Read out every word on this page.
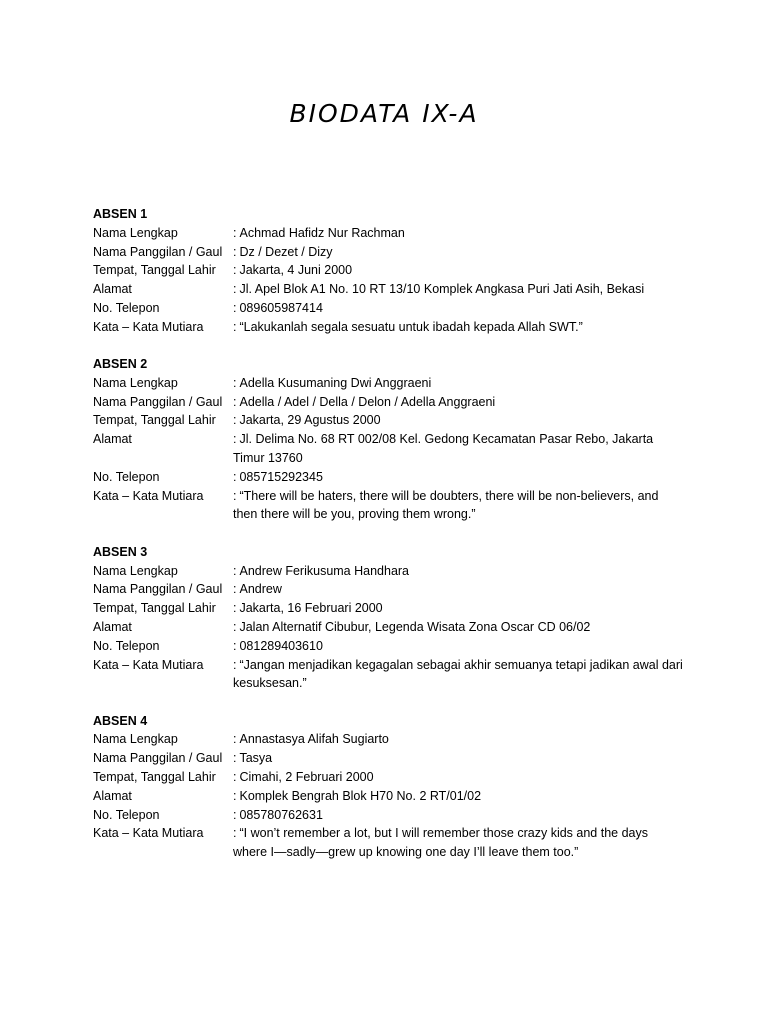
BIODATA IX-A
ABSEN 1
Nama Lengkap	: Achmad Hafidz Nur Rachman
Nama Panggilan / Gaul : Dz / Dezet / Dizy
Tempat, Tanggal Lahir	: Jakarta, 4 Juni 2000
Alamat	: Jl. Apel Blok A1 No. 10 RT 13/10 Komplek Angkasa Puri Jati Asih, Bekasi
No. Telepon	: 089605987414
Kata – Kata Mutiara	: “Lakukanlah segala sesuatu untuk ibadah kepada Allah SWT.”
ABSEN 2
Nama Lengkap	: Adella Kusumaning Dwi Anggraeni
Nama Panggilan / Gaul : Adella / Adel / Della / Delon / Adella Anggraeni
Tempat, Tanggal Lahir	: Jakarta, 29 Agustus 2000
Alamat	: Jl. Delima No. 68 RT 002/08 Kel. Gedong Kecamatan Pasar Rebo, Jakarta Timur 13760
No. Telepon	: 085715292345
Kata – Kata Mutiara	: “There will be haters, there will be doubters, there will be non-believers, and then there will be you, proving them wrong.”
ABSEN 3
Nama Lengkap	: Andrew Ferikusuma Handhara
Nama Panggilan / Gaul : Andrew
Tempat, Tanggal Lahir	: Jakarta, 16 Februari 2000
Alamat	: Jalan Alternatif Cibubur, Legenda Wisata Zona Oscar CD 06/02
No. Telepon	: 081289403610
Kata – Kata Mutiara	: “Jangan menjadikan kegagalan sebagai akhir semuanya tetapi jadikan awal dari kesuksesan.”
ABSEN 4
Nama Lengkap	: Annastasya Alifah Sugiarto
Nama Panggilan / Gaul : Tasya
Tempat, Tanggal Lahir	: Cimahi, 2 Februari 2000
Alamat	: Komplek Bengrah Blok H70 No. 2 RT/01/02
No. Telepon	: 085780762631
Kata – Kata Mutiara	: “I won’t remember a lot, but I will remember those crazy kids and the days where I—sadly—grew up knowing one day I’ll leave them too.”
